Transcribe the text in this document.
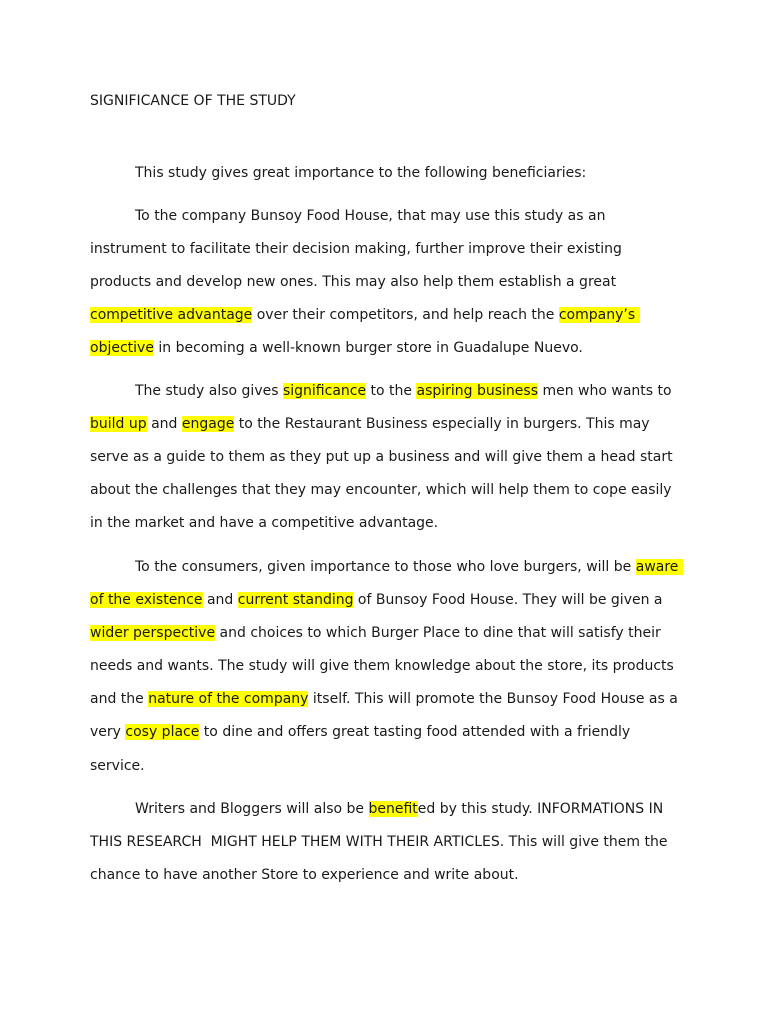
SIGNIFICANCE OF THE STUDY
This study gives great importance to the following beneficiaries:
To the company Bunsoy Food House, that may use this study as an
instrument to facilitate their decision making, further improve their existing
products and develop new ones. This may also help them establish a great
competitive advantage over their competitors, and help reach the company’s
objective in becoming a well-known burger store in Guadalupe Nuevo.
The study also gives significance to the aspiring business men who wants to
build up and engage to the Restaurant Business especially in burgers. This may
serve as a guide to them as they put up a business and will give them a head start
about the challenges that they may encounter, which will help them to cope easily
in the market and have a competitive advantage.
To the consumers, given importance to those who love burgers, will be aware
of the existence and current standing of Bunsoy Food House. They will be given a
wider perspective and choices to which Burger Place to dine that will satisfy their
needs and wants. The study will give them knowledge about the store, its products
and the nature of the company itself. This will promote the Bunsoy Food House as a
very cosy place to dine and offers great tasting food attended with a friendly
service.
Writers and Bloggers will also be benefited by this study. INFORMATIONS IN
THIS RESEARCH  MIGHT HELP THEM WITH THEIR ARTICLES. This will give them the
chance to have another Store to experience and write about.
